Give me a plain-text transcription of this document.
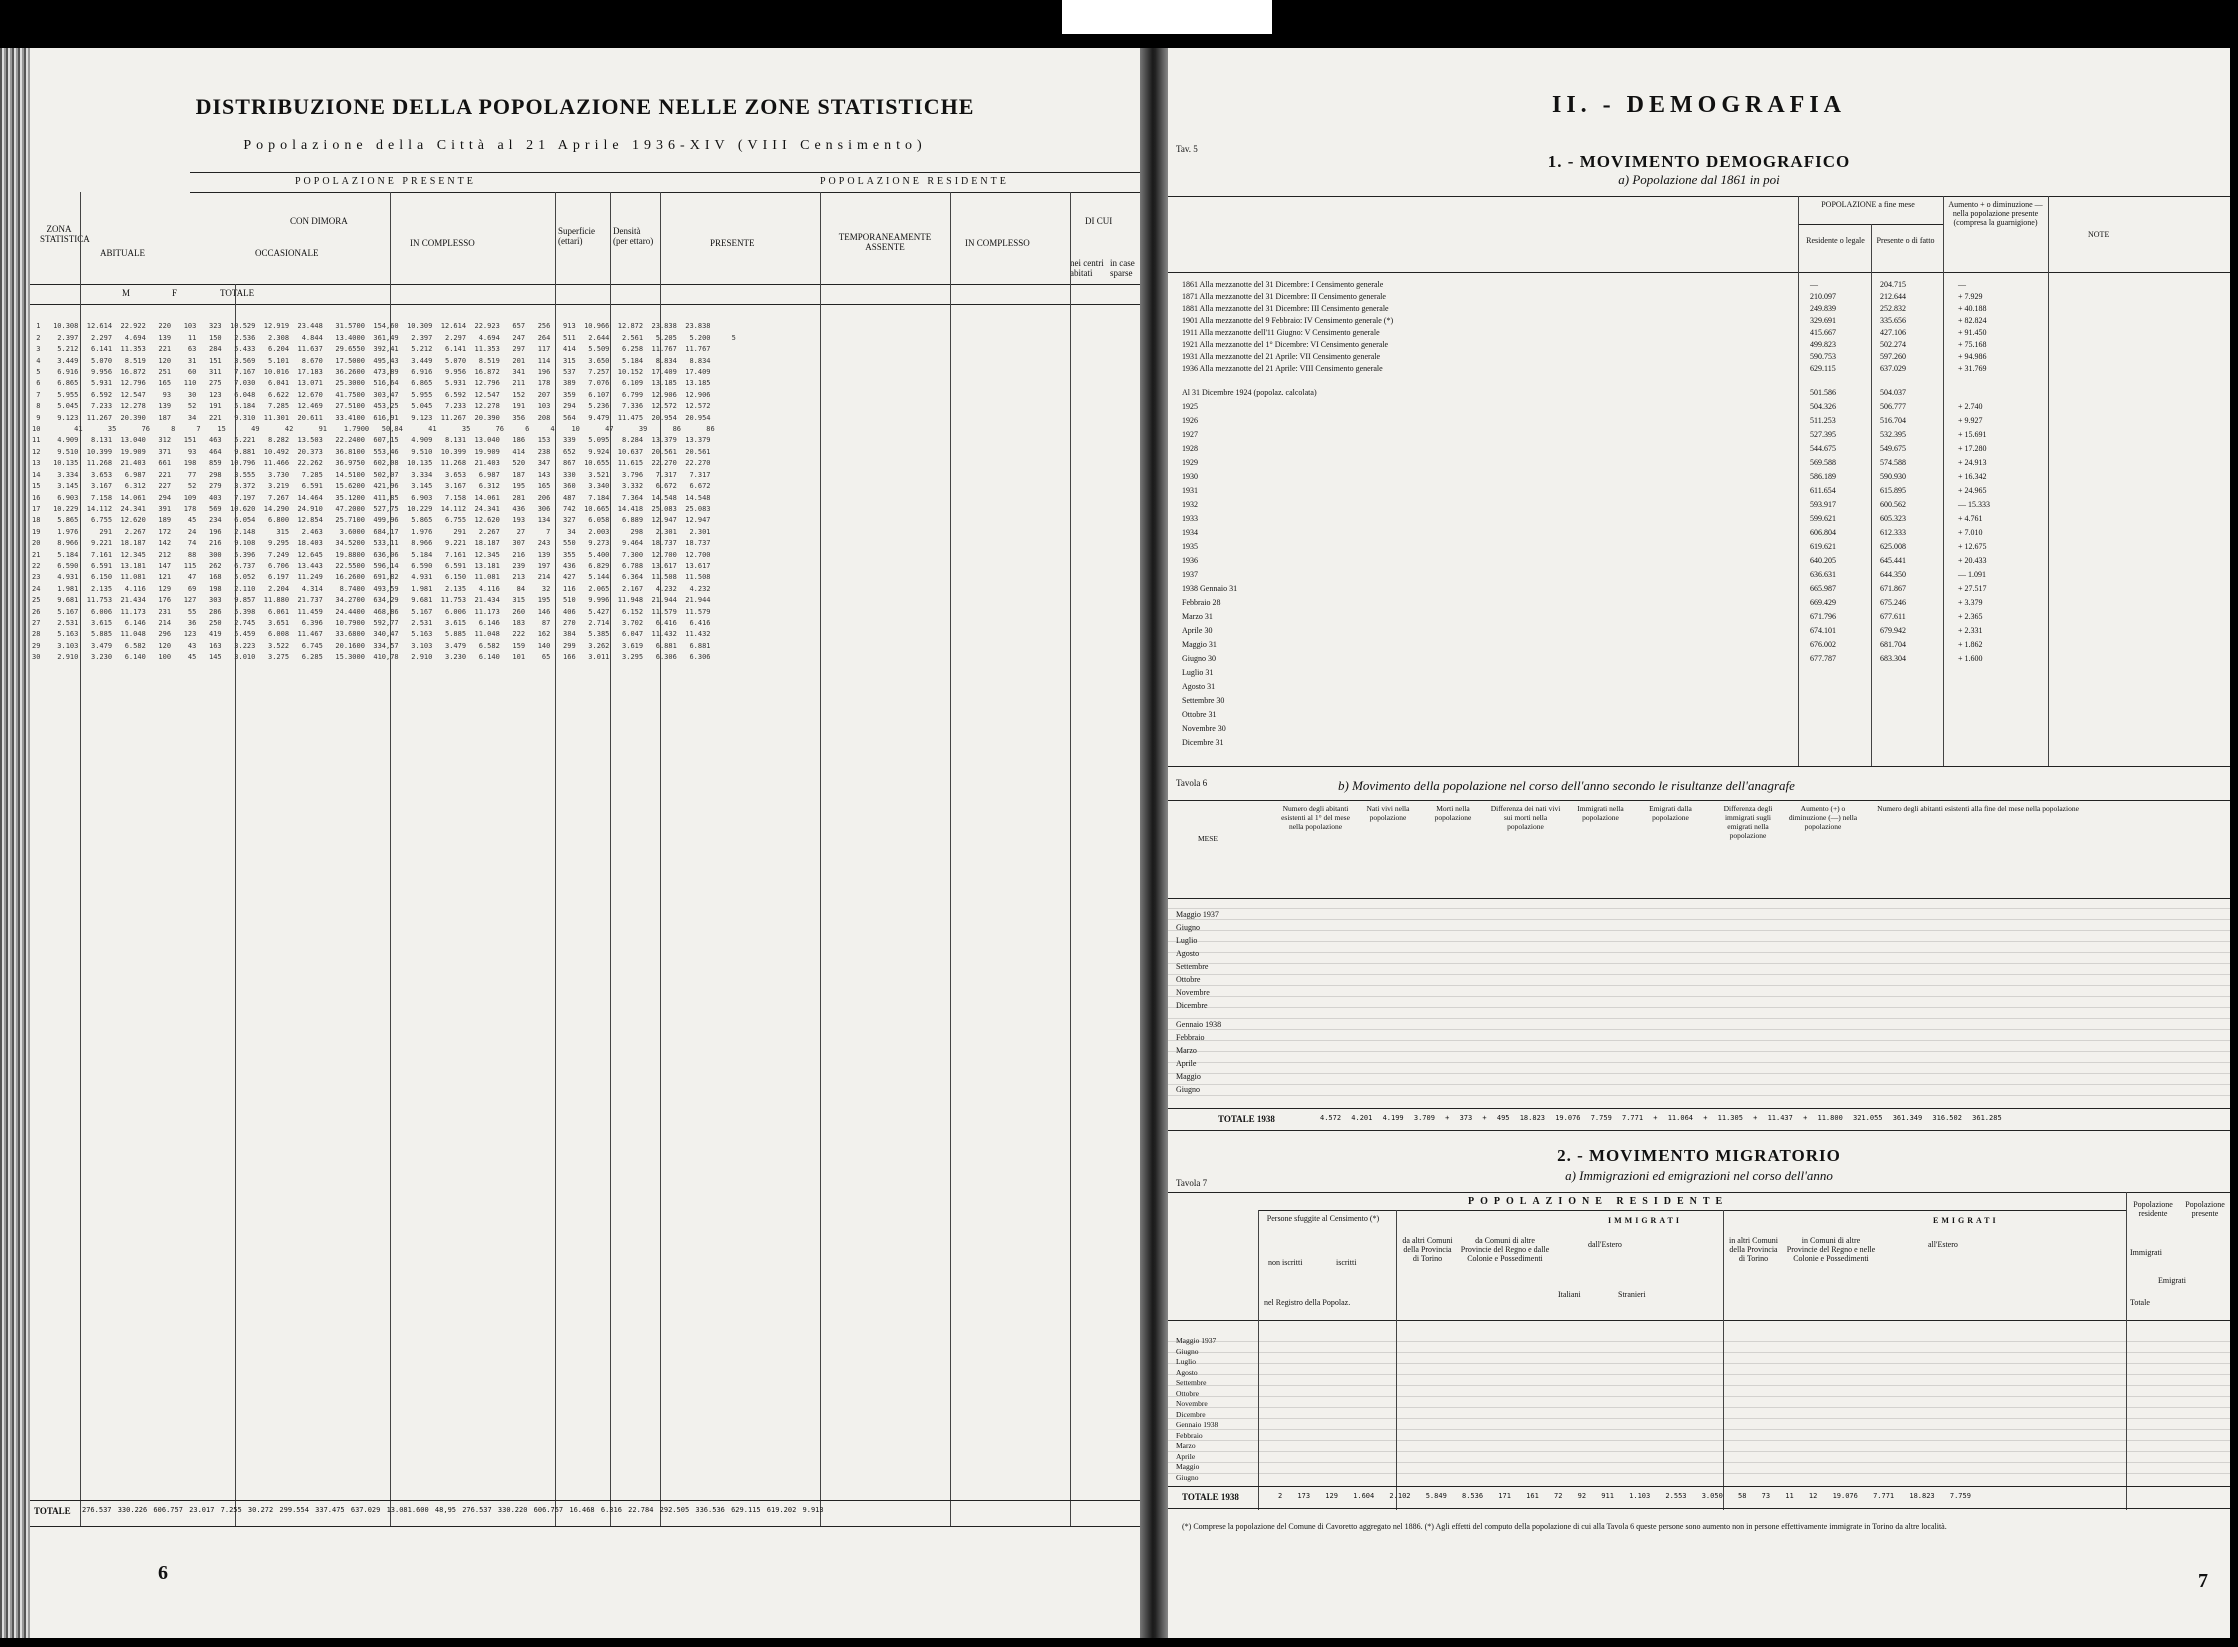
DISTRIBUZIONE DELLA POPOLAZIONE NELLE ZONE STATISTICHE
Popolazione della Città al 21 Aprile 1936-XIV (VIII Censimento)
POPOLAZIONE PRESENTE	POPOLAZIONE RESIDENTE
ZONA STATISTICA
CON DIMORA
ABITUALE	OCCASIONALE
IN COMPLESSO
Superficie (ettari)
Densità (per ettaro)	PRESENTE
TEMPORANEAMENTE ASSENTE	IN COMPLESSO
DI CUI
nei centri abitati
in case sparse
M	F	TOTALE

1   10.308  12.614  22.922   220   103   323  10.529  12.919  23.448   31.5700  154,60  10.309  12.614  22.923   657   256   913  10.966  12.872  23.838  23.838
2    2.397   2.297   4.694   139    11   150   2.536   2.308   4.844   13.4000  361,49   2.397   2.297   4.694   247   264   511   2.644   2.561   5.205   5.200     5
3    5.212   6.141  11.353   221    63   284   5.433   6.204  11.637   29.6550  392,41   5.212   6.141  11.353   297   117   414   5.509   6.258  11.767  11.767
4    3.449   5.070   8.519   120    31   151   3.569   5.101   8.670   17.5000  495,43   3.449   5.070   8.519   201   114   315   3.650   5.184   8.834   8.834
5    6.916   9.956  16.872   251    60   311   7.167  10.016  17.183   36.2600  473,89   6.916   9.956  16.872   341   196   537   7.257  10.152  17.409  17.409
6    6.865   5.931  12.796   165   110   275   7.030   6.041  13.071   25.3000  516,64   6.865   5.931  12.796   211   178   389   7.076   6.109  13.185  13.185
7    5.955   6.592  12.547    93    30   123   6.048   6.622  12.670   41.7500  303,47   5.955   6.592  12.547   152   207   359   6.107   6.799  12.906  12.906
8    5.045   7.233  12.278   139    52   191   5.184   7.285  12.469   27.5100  453,25   5.045   7.233  12.278   191   103   294   5.236   7.336  12.572  12.572
9    9.123  11.267  20.390   187    34   221   9.310  11.301  20.611   33.4100  616,91   9.123  11.267  20.390   356   208   564   9.479  11.475  20.954  20.954
10        41      35      76     8     7    15      49      42      91    1.7900   50,84      41      35      76     6     4    10      47      39      86      86
11    4.909   8.131  13.040   312   151   463   5.221   8.282  13.503   22.2400  607,15   4.909   8.131  13.040   186   153   339   5.095   8.284  13.379  13.379
12    9.510  10.399  19.909   371    93   464   9.881  10.492  20.373   36.8100  553,46   9.510  10.399  19.909   414   238   652   9.924  10.637  20.561  20.561
13   10.135  11.268  21.403   661   198   859  10.796  11.466  22.262   36.9750  602,08  10.135  11.268  21.403   520   347   867  10.655  11.615  22.270  22.270
14    3.334   3.653   6.987   221    77   298   3.555   3.730   7.285   14.5100  502,07   3.334   3.653   6.987   187   143   330   3.521   3.796   7.317   7.317
15    3.145   3.167   6.312   227    52   279   3.372   3.219   6.591   15.6200  421,96   3.145   3.167   6.312   195   165   360   3.340   3.332   6.672   6.672
16    6.903   7.158  14.061   294   109   403   7.197   7.267  14.464   35.1200  411,85   6.903   7.158  14.061   281   206   487   7.184   7.364  14.548  14.548
17   10.229  14.112  24.341   391   178   569  10.620  14.290  24.910   47.2000  527,75  10.229  14.112  24.341   436   306   742  10.665  14.418  25.083  25.083
18    5.865   6.755  12.620   189    45   234   6.054   6.800  12.854   25.7100  499,96   5.865   6.755  12.620   193   134   327   6.058   6.889  12.947  12.947
19    1.976     291   2.267   172    24   196   2.148     315   2.463    3.6000  684,17   1.976     291   2.267    27     7    34   2.003     298   2.301   2.301
20    8.966   9.221  18.187   142    74   216   9.108   9.295  18.403   34.5200  533,11   8.966   9.221  18.187   307   243   550   9.273   9.464  18.737  18.737
21    5.184   7.161  12.345   212    88   300   5.396   7.249  12.645   19.8800  636,06   5.184   7.161  12.345   216   139   355   5.400   7.300  12.700  12.700
22    6.590   6.591  13.181   147   115   262   6.737   6.706  13.443   22.5500  596,14   6.590   6.591  13.181   239   197   436   6.829   6.788  13.617  13.617
23    4.931   6.150  11.081   121    47   168   5.052   6.197  11.249   16.2600  691,82   4.931   6.150  11.081   213   214   427   5.144   6.364  11.508  11.508
24    1.981   2.135   4.116   129    69   198   2.110   2.204   4.314    8.7400  493,59   1.981   2.135   4.116    84    32   116   2.065   2.167   4.232   4.232
25    9.681  11.753  21.434   176   127   303   9.857  11.880  21.737   34.2700  634,29   9.681  11.753  21.434   315   195   510   9.996  11.948  21.944  21.944
26    5.167   6.006  11.173   231    55   286   5.398   6.061  11.459   24.4400  468,86   5.167   6.006  11.173   260   146   406   5.427   6.152  11.579  11.579
27    2.531   3.615   6.146   214    36   250   2.745   3.651   6.396   10.7900  592,77   2.531   3.615   6.146   183    87   270   2.714   3.702   6.416   6.416
28    5.163   5.885  11.048   296   123   419   5.459   6.008  11.467   33.6800  340,47   5.163   5.885  11.048   222   162   384   5.385   6.047  11.432  11.432
29    3.103   3.479   6.582   120    43   163   3.223   3.522   6.745   20.1600  334,57   3.103   3.479   6.582   159   140   299   3.262   3.619   6.881   6.881
30    2.910   3.230   6.140   100    45   145   3.010   3.275   6.285   15.3000  410,78   2.910   3.230   6.140   101    65   166   3.011   3.295   6.306   6.306

TOTALE 276.537 330.226 606.757 23.017 7.255 30.272 299.554 337.475 637.029 13.081.600 48,95 276.537 330.220 606.757 16.468 6.316 22.784 292.505 336.536 629.115 619.202 9.913
6
II. - DEMOGRAFIA
Tav. 5
1. - MOVIMENTO DEMOGRAFICO
a) Popolazione dal 1861 in poi
POPOLAZIONE a fine mese
Residente o legale	Presente o di fatto
Aumento + o diminuzione — nella popolazione presente (compresa la guarnigione)
NOTE
1861 Alla mezzanotte del 31 Dicembre: I Censimento generale	—	204.715	—
1871 Alla mezzanotte del 31 Dicembre: II Censimento generale	210.097	212.644	+ 7.929
1881 Alla mezzanotte del 31 Dicembre: III Censimento generale	249.839	252.832	+ 40.188
1901 Alla mezzanotte del 9 Febbraio: IV Censimento generale (*)	329.691	335.656	+ 82.824
1911 Alla mezzanotte dell'11 Giugno: V Censimento generale	415.667	427.106	+ 91.450
1921 Alla mezzanotte del 1° Dicembre: VI Censimento generale	499.823	502.274	+ 75.168
1931 Alla mezzanotte del 21 Aprile: VII Censimento generale	590.753	597.260	+ 94.986
1936 Alla mezzanotte del 21 Aprile: VIII Censimento generale	629.115	637.029	+ 31.769
Al 31 Dicembre 1924 (popolaz. calcolata)	501.586	504.037
1925	504.326	506.777	+ 2.740
1926	511.253	516.704	+ 9.927
1927	527.395	532.395	+ 15.691
1928	544.675	549.675	+ 17.280
1929	569.588	574.588	+ 24.913
1930	586.189	590.930	+ 16.342
1931	611.654	615.895	+ 24.965
1932	593.917	600.562	— 15.333
1933	599.621	605.323	+ 4.761
1934	606.804	612.333	+ 7.010
1935	619.621	625.008	+ 12.675
1936	640.205	645.441	+ 20.433
1937	636.631	644.350	— 1.091
1938 Gennaio 31	665.987	671.867	+ 27.517
Febbraio 28	669.429	675.246	+ 3.379
Marzo 31	671.796	677.611	+ 2.365
Aprile 30	674.101	679.942	+ 2.331
Maggio 31	676.002	681.704	+ 1.862
Giugno 30	677.787	683.304	+ 1.600
Luglio 31
Agosto 31
Settembre 30
Ottobre 31
Novembre 30
Dicembre 31
Tavola 6	b) Movimento della popolazione nel corso dell'anno secondo le risultanze dell'anagrafe
MESE
Numero degli abitanti esistenti al 1° del mese nella popolazione
Nati vivi nella popolazione
Morti nella popolazione
Differenza dei nati vivi sui morti nella popolazione
Immigrati nella popolazione
Emigrati dalla popolazione
Differenza degli immigrati sugli emigrati nella popolazione
Aumento (+) o diminuzione (—) nella popolazione
Numero degli abitanti esistenti alla fine del mese nella popolazione
Maggio 1937
Giugno
Luglio
Agosto
Settembre
Ottobre
Novembre
Dicembre
Gennaio 1938
Febbraio
Marzo
Aprile
Maggio
Giugno
TOTALE 1938	4.572 4.201 4.199 3.709 + 373 + 495 18.823 19.076 7.759 7.771 + 11.064 + 11.305 + 11.437 + 11.800 321.055 361.349 316.502 361.285
2. - MOVIMENTO MIGRATORIO
Tavola 7	a) Immigrazioni ed emigrazioni nel corso dell'anno
POPOLAZIONE RESIDENTE	Popolazione residente
Popolazione presente
Persone sfuggite al Censimento (*)	IMMIGRATI	EMIGRATI
non iscritti	iscritti
nel Registro della Popolaz.
da altri Comuni della Provincia di Torino
da Comuni di altre Provincie del Regno e dalle Colonie e Possedimenti
dall'Estero
Italiani	Stranieri
in altri Comuni della Provincia di Torino
in Comuni di altre Provincie del Regno e nelle Colonie e Possedimenti
all'Estero
Immigrati
Emigrati
Totale
Maggio 1937
Giugno
Luglio
Agosto
Settembre
Ottobre
Novembre
Dicembre
Gennaio 1938
Febbraio
Marzo
Aprile
Maggio
Giugno
TOTALE 1938	2 173 129 1.604 2.102 5.849 8.536 171 161 72 92 911 1.103 2.553 3.050 58 73 11 12 19.076 7.771 18.823 7.759
(*) Comprese la popolazione del Comune di Cavoretto aggregato nel 1886. (*) Agli effetti del computo della popolazione di cui alla Tavola 6 queste persone sono aumento non in persone effettivamente immigrate in Torino da altre località.
7
